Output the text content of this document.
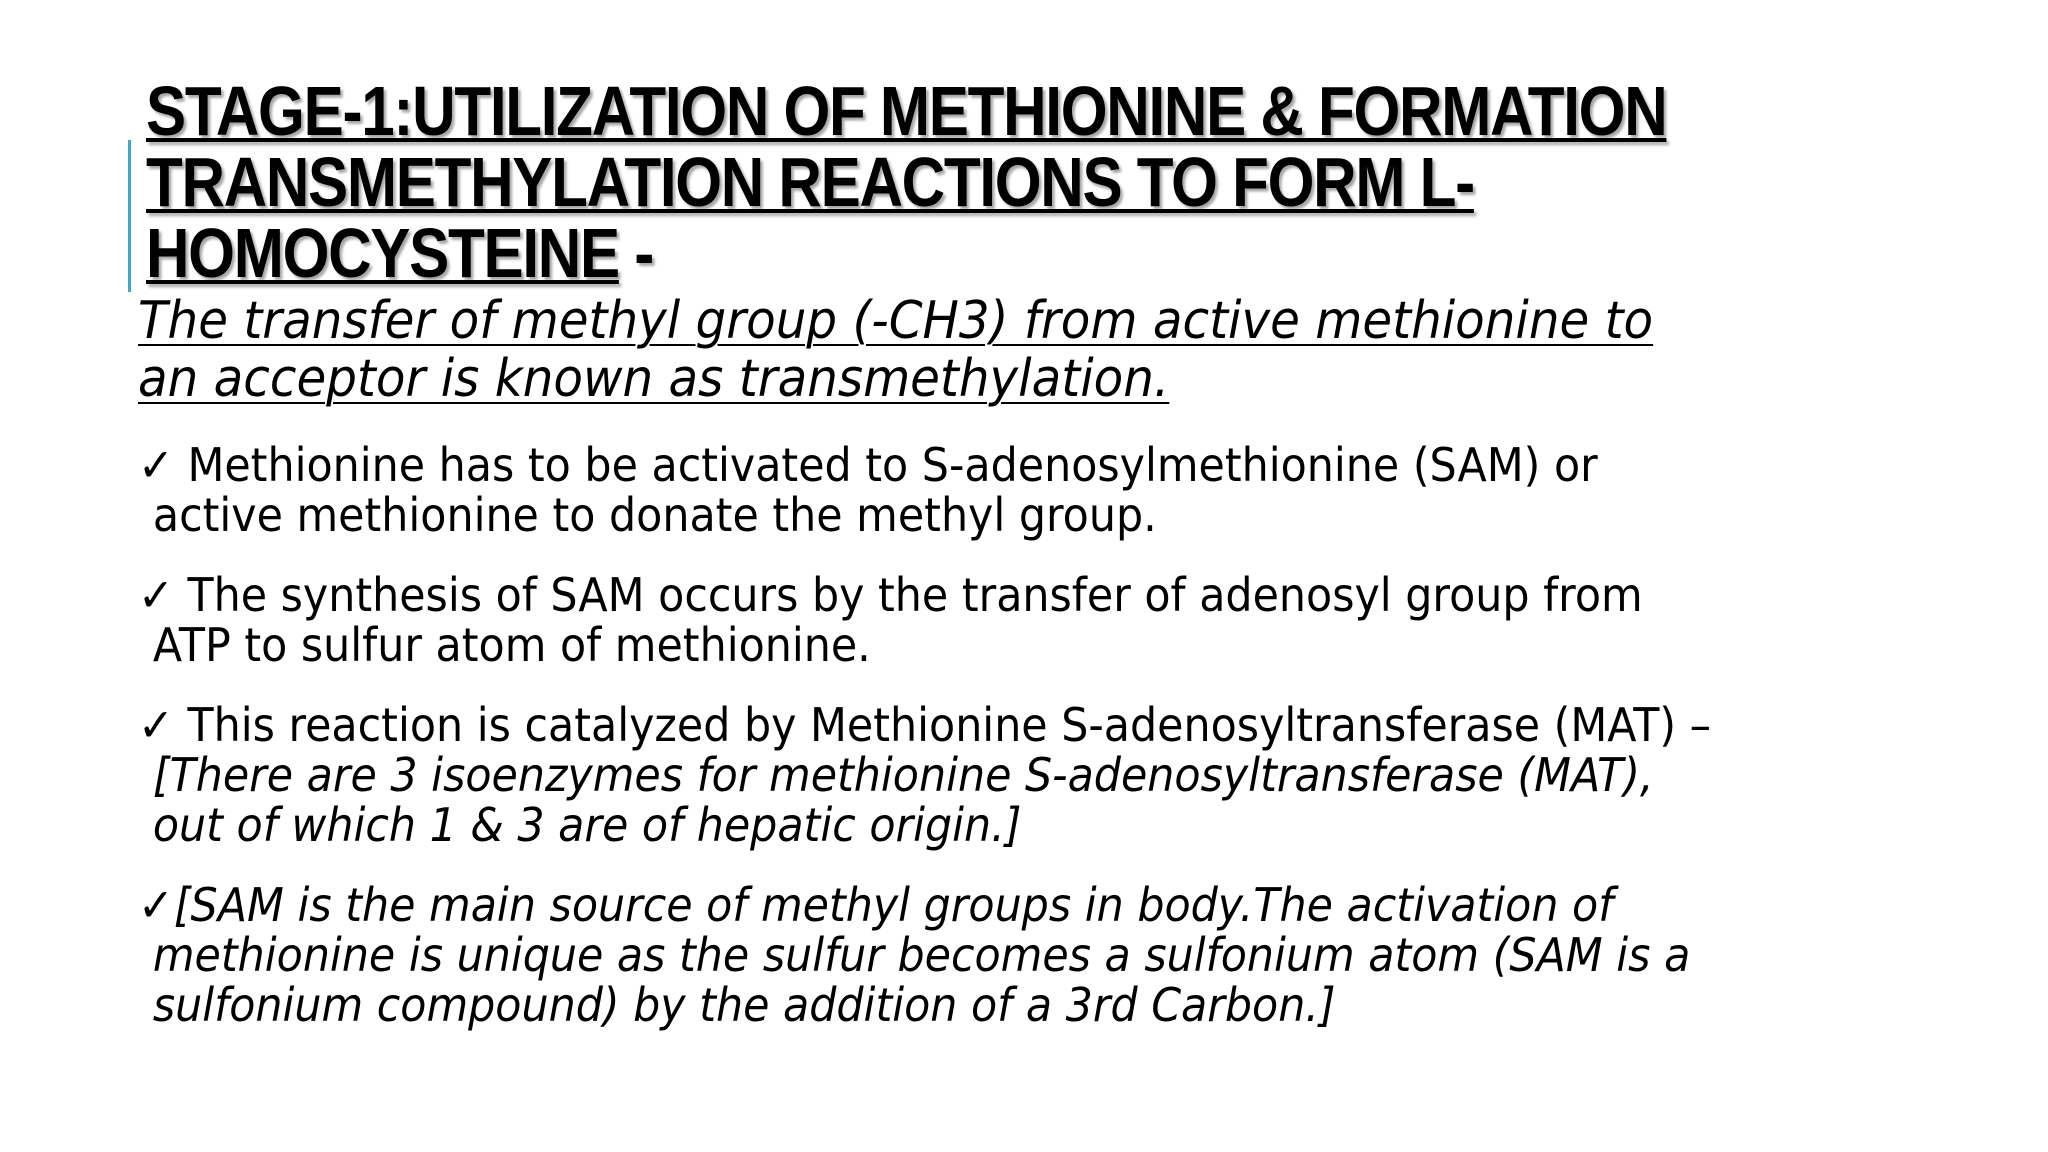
STAGE-1:UTILIZATION OF METHIONINE & FORMATION
TRANSMETHYLATION REACTIONS TO FORM L-
HOMOCYSTEINE -

The transfer of methyl group (-CH3) from active methionine to
an acceptor is known as transmethylation.

✓ Methionine has to be activated to S-adenosylmethionine (SAM) or
active methionine to donate the methyl group.
✓ The synthesis of SAM occurs by the transfer of adenosyl group from
ATP to sulfur atom of methionine.
✓ This reaction is catalyzed by Methionine S-adenosyltransferase (MAT) –
[There are 3 isoenzymes for methionine S-adenosyltransferase (MAT),
out of which 1 & 3 are of hepatic origin.]
✓[SAM is the main source of methyl groups in body.The activation of
methionine is unique as the sulfur becomes a sulfonium atom (SAM is a
sulfonium compound) by the addition of a 3rd Carbon.]
